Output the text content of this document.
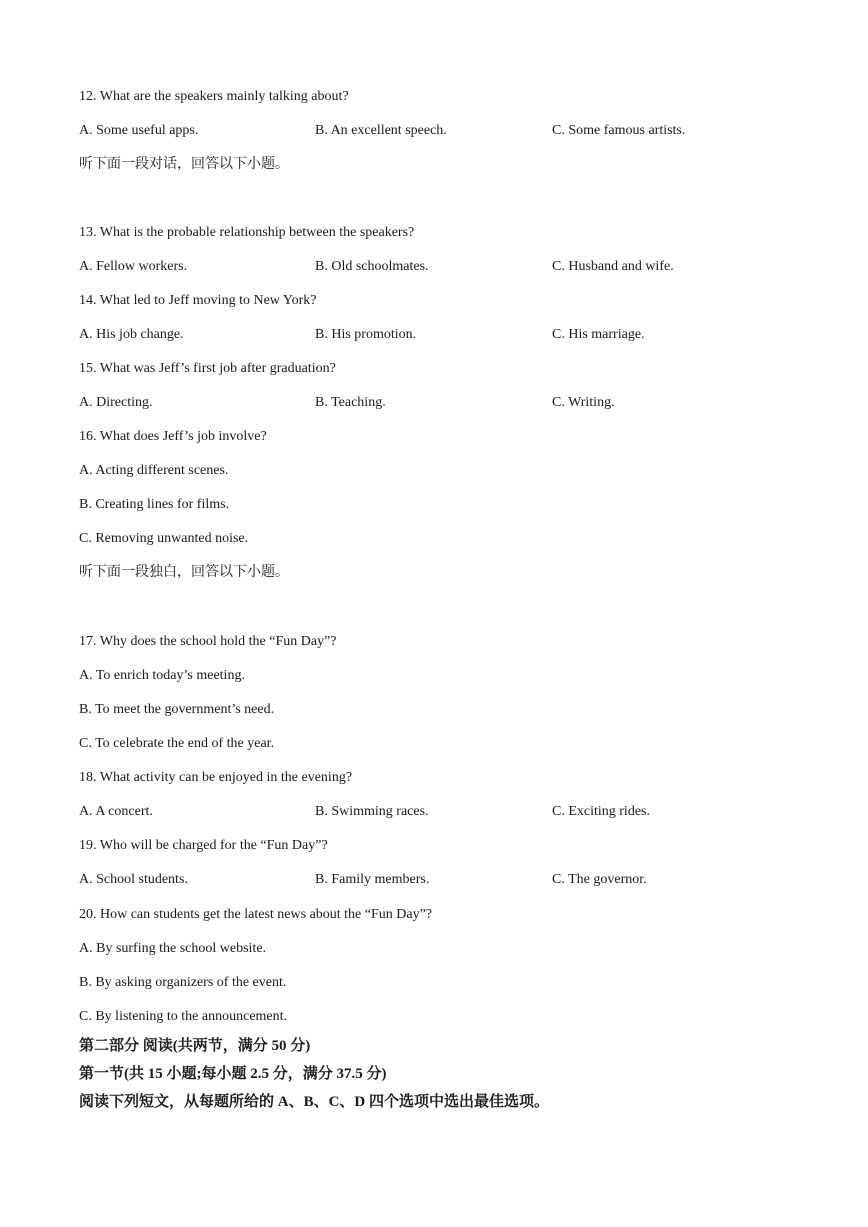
12. What are the speakers mainly talking about?
A. Some useful apps.	B. An excellent speech.	C. Some famous artists.
听下面一段对话，回答以下小题。
13. What is the probable relationship between the speakers?
A. Fellow workers.	B. Old schoolmates.	C. Husband and wife.
14. What led to Jeff moving to New York?
A. His job change.	B. His promotion.	C. His marriage.
15. What was Jeff’s first job after graduation?
A. Directing.	B. Teaching.	C. Writing.
16. What does Jeff’s job involve?
A. Acting different scenes.
B. Creating lines for films.
C. Removing unwanted noise.
听下面一段独白，回答以下小题。
17. Why does the school hold the “Fun Day”?
A. To enrich today’s meeting.
B. To meet the government’s need.
C. To celebrate the end of the year.
18. What activity can be enjoyed in the evening?
A. A concert.	B. Swimming races.	C. Exciting rides.
19. Who will be charged for the “Fun Day”?
A. School students.	B. Family members.	C. The governor.
20. How can students get the latest news about the “Fun Day”?
A. By surfing the school website.
B. By asking organizers of the event.
C. By listening to the announcement.
第二部分 阅读(共两节，满分 50 分)
第一节(共 15 小题;每小题 2.5 分，满分 37.5 分)
阅读下列短文，从每题所给的 A、B、C、D 四个选项中选出最佳选项。
